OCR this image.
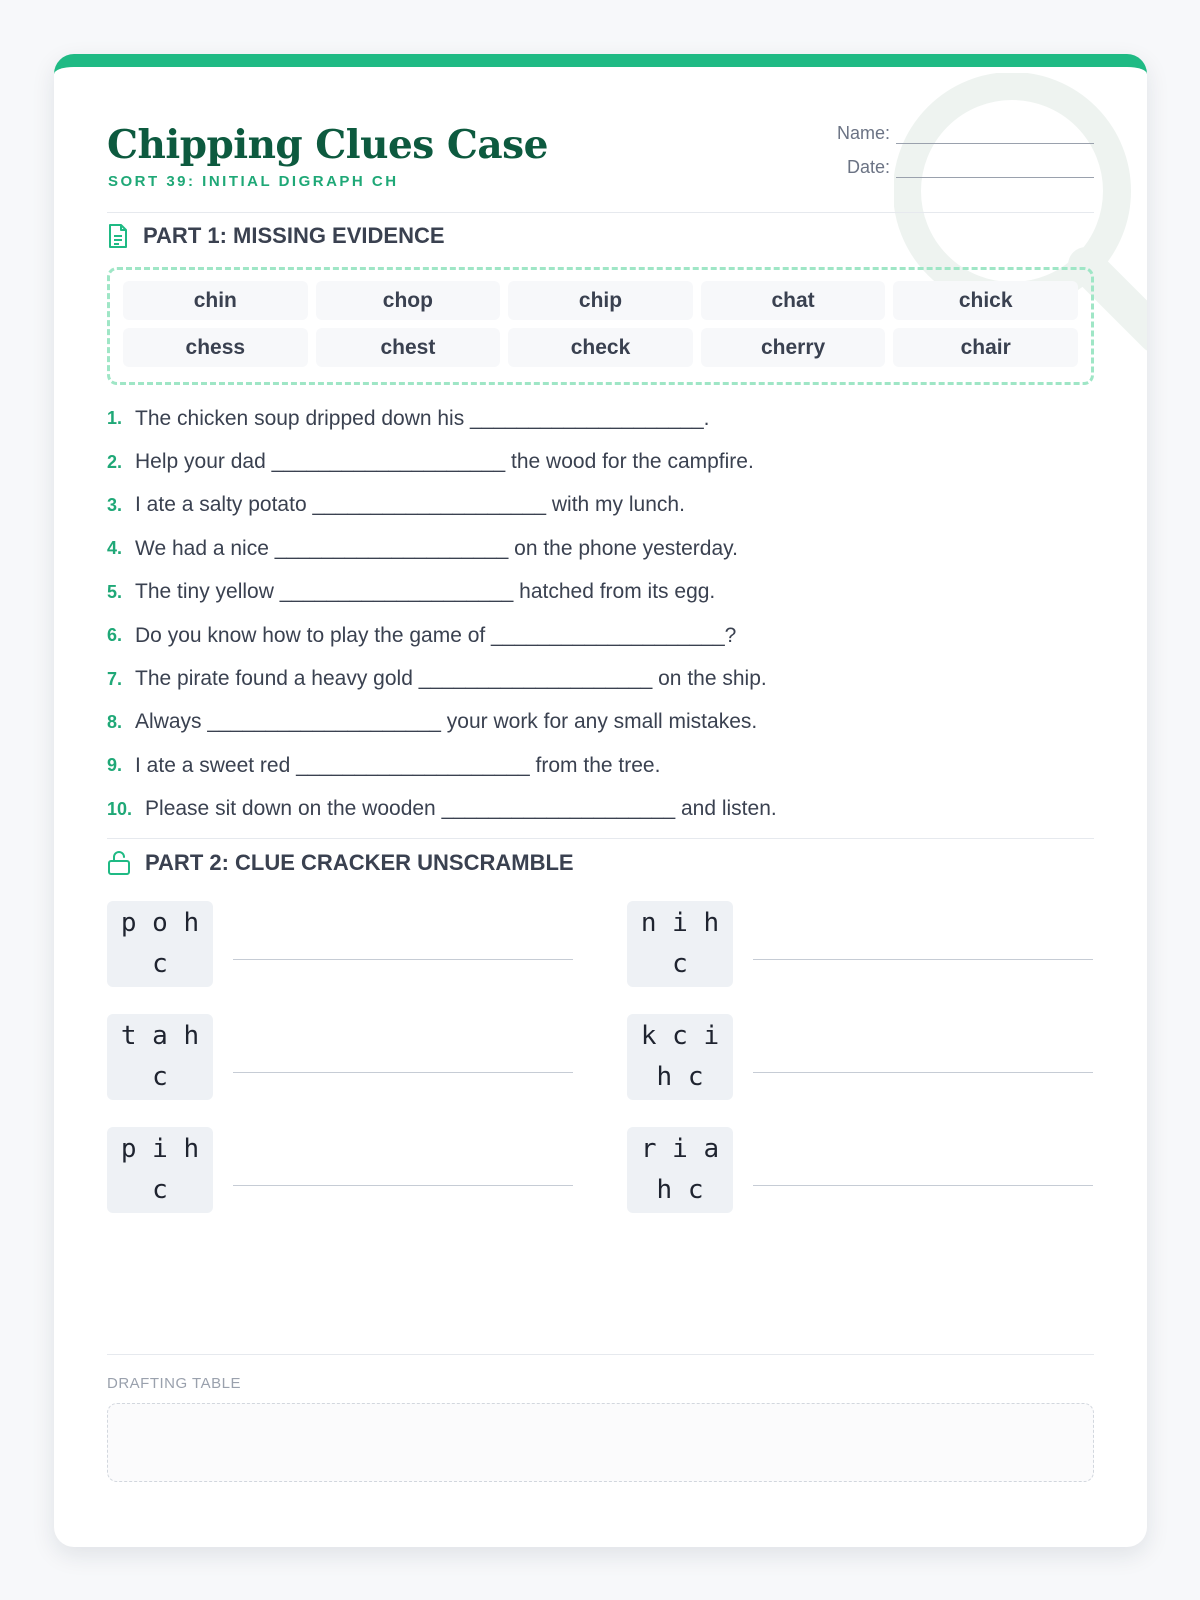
Chipping Clues Case
SORT 39: INITIAL DIGRAPH CH
Name:
Date:
PART 1: MISSING EVIDENCE
chin	chop	chip	chat	chick
chess	chest	check	cherry	chair
1. The chicken soup dripped down his ____________________.
2. Help your dad ____________________ the wood for the campfire.
3. I ate a salty potato ____________________ with my lunch.
4. We had a nice ____________________ on the phone yesterday.
5. The tiny yellow ____________________ hatched from its egg.
6. Do you know how to play the game of ____________________?
7. The pirate found a heavy gold ____________________ on the ship.
8. Always ____________________ your work for any small mistakes.
9. I ate a sweet red ____________________ from the tree.
10. Please sit down on the wooden ____________________ and listen.
PART 2: CLUE CRACKER UNSCRAMBLE
p o h
c
n i h
c
t a h
c
k c i
h c
p i h
c
r i a
h c
DRAFTING TABLE
